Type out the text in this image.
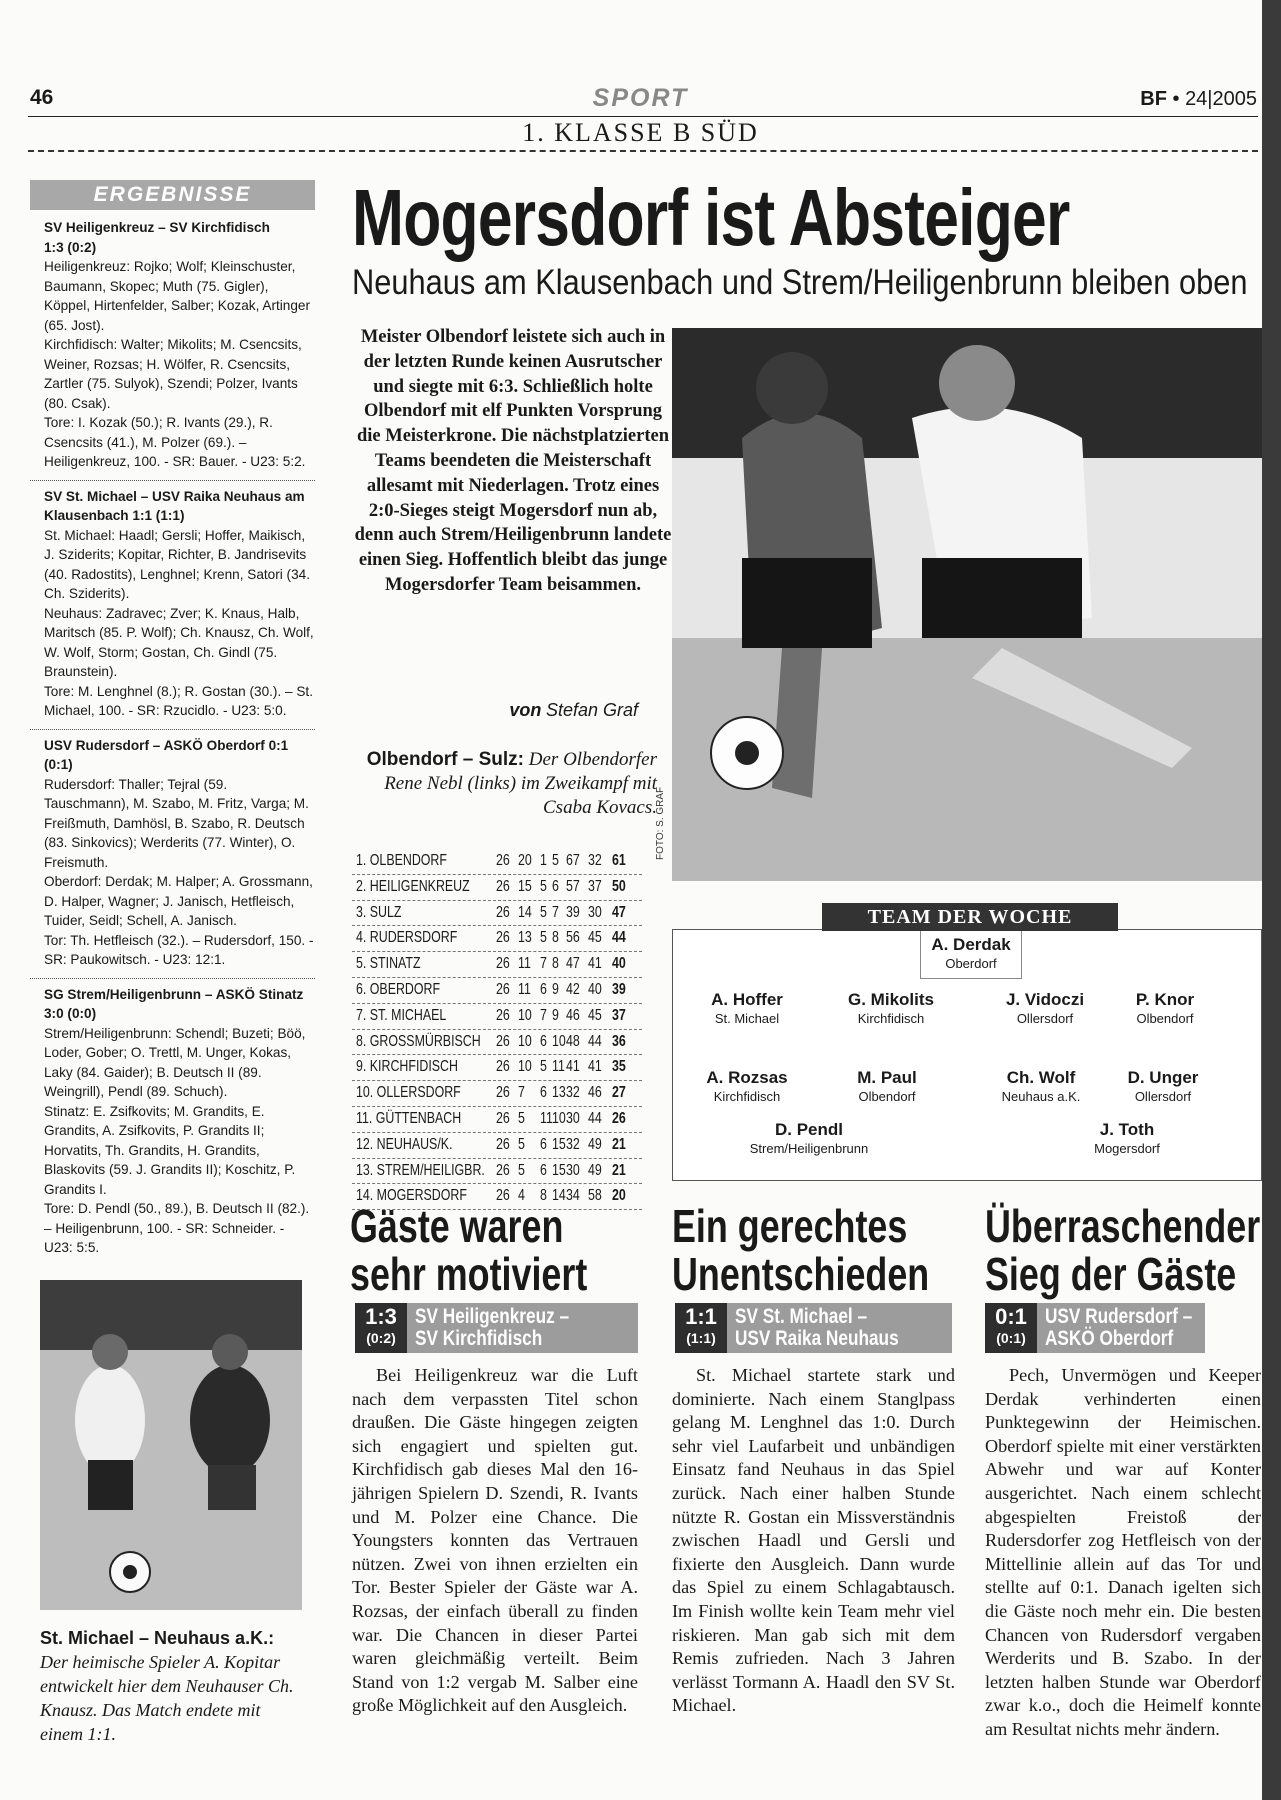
46	SPORT	BF • 24|2005
1. KLASSE B SÜD
ERGEBNISSE

SV Heiligenkreuz – SV Kirchfidisch

1:3 (0:2)

Heiligenkreuz: Rojko; Wolf; Kleinschuster, Baumann, Skopec; Muth (75. Gigler), Köppel, Hirtenfelder, Salber; Kozak, Artinger (65. Jost).

Kirchfidisch: Walter; Mikolits; M. Csencsits, Weiner, Rozsas; H. Wölfer, R. Csencsits, Zartler (75. Sulyok), Szendi; Polzer, Ivants (80. Csak).

Tore: I. Kozak (50.); R. Ivants (29.), R. Csencsits (41.), M. Polzer (69.). – Heiligenkreuz, 100. - SR: Bauer. - U23: 5:2.

SV St. Michael – USV Raika Neuhaus am Klausenbach 1:1 (1:1)

St. Michael: Haadl; Gersli; Hoffer, Maikisch, J. Sziderits; Kopitar, Richter, B. Jandrisevits (40. Radostits), Lenghnel; Krenn, Satori (34. Ch. Sziderits).

Neuhaus: Zadravec; Zver; K. Knaus, Halb, Maritsch (85. P. Wolf); Ch. Knausz, Ch. Wolf, W. Wolf, Storm; Gostan, Ch. Gindl (75. Braunstein).

Tore: M. Lenghnel (8.); R. Gostan (30.). – St. Michael, 100. - SR: Rzucidlo. - U23: 5:0.

USV Rudersdorf – ASKÖ Oberdorf 0:1

(0:1)

Rudersdorf: Thaller; Tejral (59. Tauschmann), M. Szabo, M. Fritz, Varga; M. Freißmuth, Damhösl, B. Szabo, R. Deutsch (83. Sinkovics); Werderits (77. Winter), O. Freismuth.

Oberdorf: Derdak; M. Halper; A. Grossmann, D. Halper, Wagner; J. Janisch, Hetfleisch, Tuider, Seidl; Schell, A. Janisch.

Tor: Th. Hetfleisch (32.). – Rudersdorf, 150. - SR: Paukowitsch. - U23: 12:1.

SG Strem/Heiligenbrunn – ASKÖ Stinatz 3:0 (0:0)

Strem/Heiligenbrunn: Schendl; Buzeti; Böö, Loder, Gober; O. Trettl, M. Unger, Kokas, Laky (84. Gaider); B. Deutsch II (89. Weingrill), Pendl (89. Schuch).

Stinatz: E. Zsifkovits; M. Grandits, E. Grandits, A. Zsifkovits, P. Grandits II; Horvatits, Th. Grandits, H. Grandits, Blaskovits (59. J. Grandits II); Koschitz, P. Grandits I.

Tore: D. Pendl (50., 89.), B. Deutsch II (82.). – Heiligenbrunn, 100. - SR: Schneider. - U23: 5:5.

St. Michael – Neuhaus a.K.:
Der heimische Spieler A. Kopitar entwickelt hier dem Neuhauser Ch. Knausz. Das Match endete mit einem 1:1.
Mogersdorf ist Absteiger
Neuhaus am Klausenbach und Strem/Heiligenbrunn bleiben oben
Meister Olbendorf leistete sich auch in der letzten Runde keinen Ausrutscher und siegte mit 6:3. Schließlich holte Olbendorf mit elf Punkten Vorsprung die Meisterkrone. Die nächstplatzierten Teams beendeten die Meisterschaft allesamt mit Niederlagen. Trotz eines 2:0-Sieges steigt Mogersdorf nun ab, denn auch Strem/Heiligenbrunn landete einen Sieg. Hoffentlich bleibt das junge Mogersdorfer Team beisammen.
von Stefan Graf
Olbendorf – Sulz: Der Olbendorfer Rene Nebl (links) im Zweikampf mit Csaba Kovacs.
FOTO: S. GRAF
1. OLBENDORF	26 20 1 5 67 32 61
2. HEILIGENKREUZ 26 15 5 6 57 37 50
3. SULZ	26 14 5 7 39 30 47
4. RUDERSDORF 26 13 5 8 56 45 44
5. STINATZ	26 11 7 8 47 41 40
6. OBERDORF	26 11 6 9 42 40 39
7. ST. MICHAEL	26 10 7 9 46 45 37
8. GROSSMÜRBISCH 26 10 6 10 48 44 36
9. KIRCHFIDISCH 26 10 5 11 41 41 35
10. OLLERSDORF 26 7 6 13 32 46 27
11. GÜTTENBACH 26 5 11 10 30 44 26
12. NEUHAUS/K.	26 5 6 15 32 49 21
13. STREM/HEILIGBR. 26 5 6 15 30 49 21
14. MOGERSDORF 26 4 8 14 34 58 20
TEAM DER WOCHE
A. Derdak
Oberdorf
A. Hoffer
St. Michael
G. Mikolits
Kirchfidisch
J. Vidoczi
Ollersdorf
P. Knor
Olbendorf
A. Rozsas
Kirchfidisch
M. Paul
Olbendorf
Ch. Wolf
Neuhaus a.K.
D. Unger
Ollersdorf
D. Pendl
Strem/Heiligenbrunn
J. Toth
Mogersdorf
Gäste waren
sehr motiviert
1:3
(0:2)
SV Heiligenkreuz –
SV Kirchfidisch
Bei Heiligenkreuz war die Luft nach dem verpassten Titel schon draußen. Die Gäste hingegen zeigten sich engagiert und spielten gut. Kirchfidisch gab dieses Mal den 16-jährigen Spielern D. Szendi, R. Ivants und M. Polzer eine Chance. Die Youngsters konnten das Vertrauen nützen. Zwei von ihnen erzielten ein Tor. Bester Spieler der Gäste war A. Rozsas, der einfach überall zu finden war. Die Chancen in dieser Partei waren gleichmäßig verteilt. Beim Stand von 1:2 vergab M. Salber eine große Möglichkeit auf den Ausgleich.
Ein gerechtes
Unentschieden
1:1
(1:1)
SV St. Michael –
USV Raika Neuhaus
St. Michael startete stark und dominierte. Nach einem Stanglpass gelang M. Lenghnel das 1:0. Durch sehr viel Laufarbeit und unbändigen Einsatz fand Neuhaus in das Spiel zurück. Nach einer halben Stunde nützte R. Gostan ein Missverständnis zwischen Haadl und Gersli und fixierte den Ausgleich. Dann wurde das Spiel zu einem Schlagabtausch. Im Finish wollte kein Team mehr viel riskieren. Man gab sich mit dem Remis zufrieden. Nach 3 Jahren verlässt Tormann A. Haadl den SV St. Michael.
Überraschender
Sieg der Gäste
0:1
(0:1)
USV Rudersdorf –
ASKÖ Oberdorf
Pech, Unvermögen und Keeper Derdak verhinderten einen Punktegewinn der Heimischen. Oberdorf spielte mit einer verstärkten Abwehr und war auf Konter ausgerichtet. Nach einem schlecht abgespielten Freistoß der Rudersdorfer zog Hetfleisch von der Mittellinie allein auf das Tor und stellte auf 0:1. Danach igelten sich die Gäste noch mehr ein. Die besten Chancen von Rudersdorf vergaben Werderits und B. Szabo. In der letzten halben Stunde war Oberdorf zwar k.o., doch die Heimelf konnte am Resultat nichts mehr ändern.
